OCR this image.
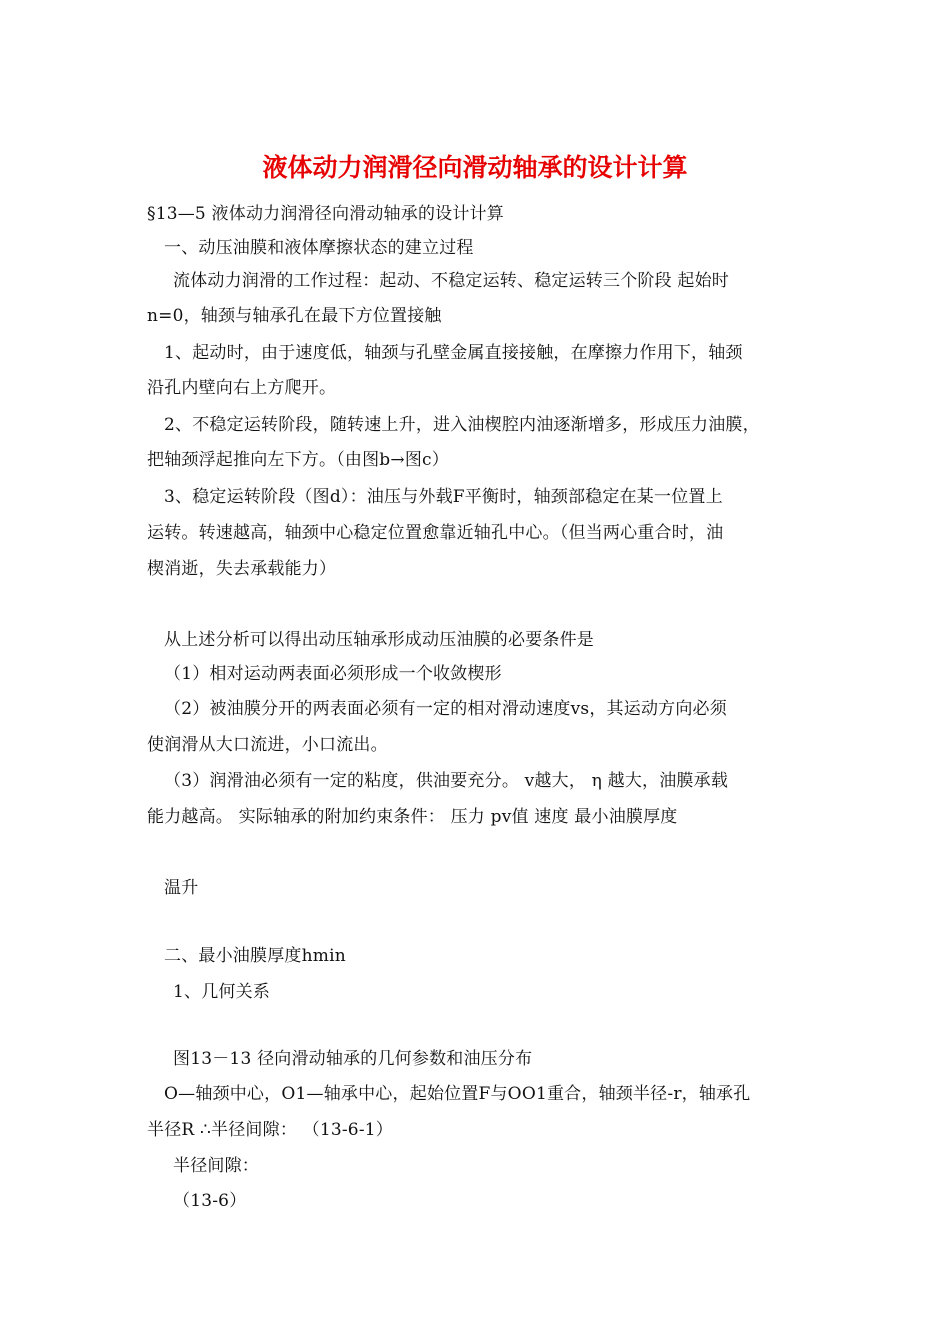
液体动力润滑径向滑动轴承的设计计算
§13—5 液体动力润滑径向滑动轴承的设计计算
一、动压油膜和液体摩擦状态的建立过程
流体动力润滑的工作过程：起动、不稳定运转、稳定运转三个阶段 起始时
n=0，轴颈与轴承孔在最下方位置接触
1、起动时，由于速度低，轴颈与孔壁金属直接接触，在摩擦力作用下，轴颈
沿孔内壁向右上方爬开。
2、不稳定运转阶段，随转速上升，进入油楔腔内油逐渐增多，形成压力油膜，
把轴颈浮起推向左下方。（由图b→图c）
3、稳定运转阶段（图d）：油压与外载F平衡时，轴颈部稳定在某一位置上
运转。转速越高，轴颈中心稳定位置愈靠近轴孔中心。（但当两心重合时，油
楔消逝，失去承载能力）
从上述分析可以得出动压轴承形成动压油膜的必要条件是
（1）相对运动两表面必须形成一个收敛楔形
（2）被油膜分开的两表面必须有一定的相对滑动速度vs，其运动方向必须
使润滑从大口流进，小口流出。
（3）润滑油必须有一定的粘度，供油要充分。 v越大， η 越大，油膜承载
能力越高。 实际轴承的附加约束条件： 压力 pv值 速度 最小油膜厚度
温升
二、最小油膜厚度hmin
1、几何关系
图13－13 径向滑动轴承的几何参数和油压分布
O—轴颈中心，O1—轴承中心，起始位置F与OO1重合，轴颈半径-r，轴承孔
半径R ∴半径间隙： （13-6-1）
半径间隙：
（13-6）
